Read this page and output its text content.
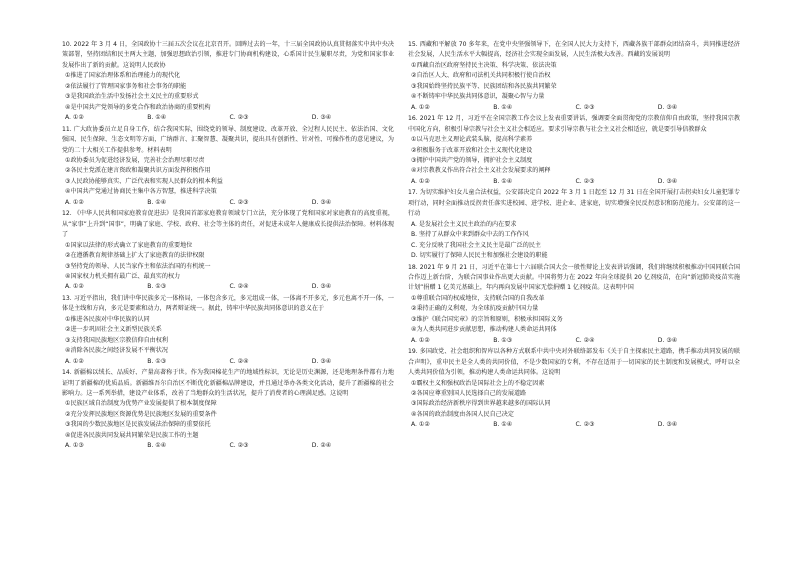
10. 2022 年 3 月 4 日，全国政协十三届五次会议在北京召开。回眸过去的一年，十三届全国政协认真贯彻落实中共中央决策部署，坚持团结和民主两大主题，加强思想政治引领，推进专门协商机构建设，心系国计民生履职尽责，为党和国家事业发展作出了新的贡献。这说明人民政协
①推进了国家治理体系和治理能力的现代化
②依法履行了管理国家事务和社会事务的职能
③是我国政治生活中发扬社会主义民主的重要形式
④是中国共产党领导的多党合作和政治协商的重要机构
A. ①②	B. ①④	C. ②③	D. ③④
11. 广大政协委员立足自身工作，结合我国实际，围绕党的领导、制度建设、改革开放、全过程人民民主、依法治国、文化强国、民生保障、生态文明等方面，广纳群言、汇聚智慧、凝聚共识，提出具有创新性、针对性、可操作性的意见建议，为党的二十大相关工作提供参考。材料表明
①政协委员为促进经济发展，完善社会治理尽职尽责
②各民主党派在建言资政和凝聚共识方面发挥积极作用
③人民政协能够真实、广泛代表和实现人民群众的根本利益
④中国共产党通过协商民主集中各方智慧，推进科学决策
A. ①②	B. ①④	C. ②③	D. ③④
12. 《中华人民共和国家庭教育促进法》是我国首部家庭教育领域专门立法，充分体现了党和国家对家庭教育的高度重视，从“家事”上升到“国事”，明确了家庭、学校、政府、社会等主体的责任，对促进未成年人健康成长提供法治保障。材料体现了
①国家以法律的形式确立了家庭教育的重要地位
②在遵循教育规律基础上扩大了家庭教育的法律权限
③坚持党的领导、人民当家作主和依法治国的有机统一
④国家权力机关拥有最广泛、最真实的权力
A. ①②	B. ①③	C. ②④	D. ③④
13. 习近平指出，我们讲中华民族多元一体格局，一体包含多元，多元组成一体，一体离不开多元，多元也离不开一体，一体是主线和方向，多元是要素和动力，两者辩证统一。据此，铸牢中华民族共同体意识的意义在于
①推进各民族对中华民族的认同
②进一步巩固社会主义新型民族关系
③支持我国民族地区宗教信仰自由权利
④消除各民族之间经济发展不平衡状况
A. ①②	B. ①③	C. ②④	D. ③④
14. 新疆棉以绒长、品质好、产量高著称于世。作为我国棉花生产的地域性标识，无论是历史渊源，还是地理条件都有力地证明了新疆棉的优质品质。新疆维吾尔自治区不断优化新疆棉品牌建设，并且通过举办各类文化活动，提升了新疆棉的社会影响力。这一系列举措，建设产业体系，改善了当地群众的生活状况，提升了消费者的心理满足感。这说明
①民族区域自治制度为优势产业发展提供了根本制度保障
②充分发挥民族地区资源优势是民族地区发展的重要条件
③我国的少数民族地区是民族发展法治保障的重要依托
④促进各民族共同发展共同繁荣是民族工作的主题
A. ①③	B. ①④	C. ②③	D. ②④
15. 西藏和平解放 70 多年来，在党中央坚强领导下，在全国人民大力支持下，西藏各族干部群众团结奋斗，共同推进经济社会发展，人民生活水平大幅提高，经济社会实现全面发展，人民生活极大改善。西藏的发展说明
①西藏自治区政府坚持民主决策、科学决策、依法决策
②自治区人大、政府和司法机关共同积极行使自治权
③我国始终坚持民族平等、民族团结和各民族共同繁荣
④不断铸牢中华民族共同体意识，凝聚心智与力量
A. ①②	B. ①④	C. ②③	D. ③④
16. 2021 年 12 月，习近平在全国宗教工作会议上发表重要讲话，强调要全面贯彻党的宗教信仰自由政策，坚持我国宗教中国化方向，积极引导宗教与社会主义社会相适应。要求引导宗教与社会主义社会相适应，就是要引导信教群众
①以马克思主义理论武装头脑，提高科学素养
②积极服务于改革开放和社会主义现代化建设
③拥护中国共产党的领导，拥护社会主义制度
④对宗教教义作出符合社会主义社会发展要求的阐释
A. ①②	B. ①④	C. ②③	D. ③④
17. 为切实维护妇女儿童合法权益，公安部决定自 2022 年 3 月 1 日起至 12 月 31 日在全国开展打击拐卖妇女儿童犯罪专项行动，同时全面推动反拐责任落实进校园、进学校、进企业、进家庭，切实增强全民反拐意识和防范能力。公安部的这一行动
A. 是发展社会主义民主政治的内在要求
B. 坚持了从群众中来到群众中去的工作作风
C. 充分反映了我国社会主义民主是最广泛的民主
D. 切实履行了保障人民民主和加强社会建设的职能
18. 2021 年 9 月 21 日，习近平在第七十六届联合国大会一般性辩论上发表讲话强调，我们将继续积极推动中国同联合国合作迈上新台阶，为联合国事业作出更大贡献。中国将努力在 2022 年向全球提供 20 亿剂疫苗，在向“新冠肺炎疫苗实施计划”捐赠 1 亿美元基础上，年内再向发展中国家无偿捐赠 1 亿剂疫苗。这表明中国
①尊重联合国的权威地位，支持联合国的自我改革
②秉持正确的义利观，为全球抗疫贡献中国力量
③维护《联合国宪章》的宗旨和原则，积极承担国际义务
④为人类共同进步贡献思想，推动构建人类命运共同体
A. ①②	B. ①③	C. ②④	D. ③④
19. 多国政党、社会组织和智库以各种方式联系中共中央对外联络部发布《关于自主探索民主道路，携手推动共同发展的联合声明》，重申民主是全人类的共同价值，不是少数国家的专利，不存在适用于一切国家的民主制度和发展模式，呼吁以全人类共同价值为引领，推动构建人类命运共同体。这说明
①霸权主义和强权政治是国际社会上的不稳定因素
②各国应尊重别国人民选择自己的发展道路
③国际政治经济新秩序得到世界越来越多的国际认同
④各国的政治制度由各国人民自己决定
A. ①②	B. ①④	C. ②③	D. ③④
